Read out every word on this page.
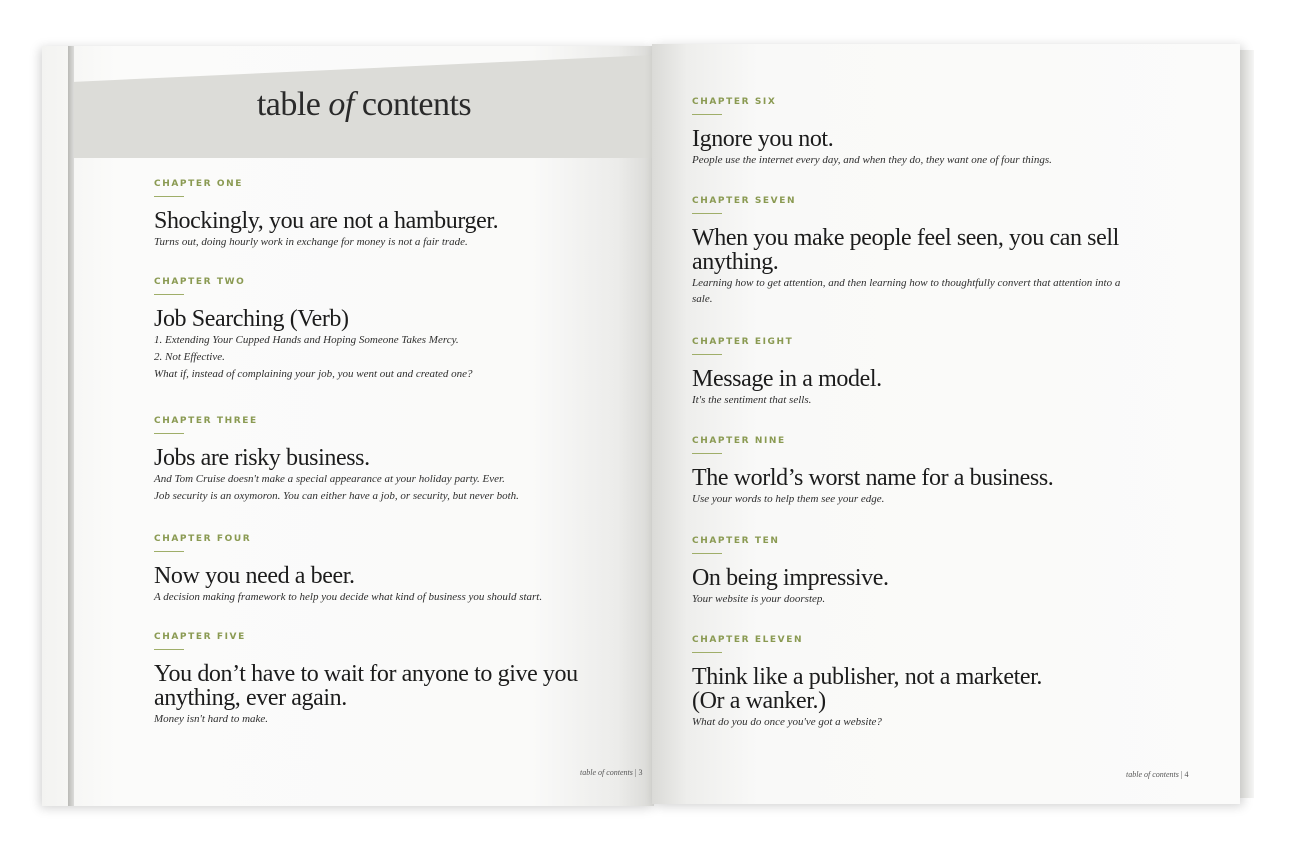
table of contents
CHAPTER ONE
Shockingly, you are not a hamburger.
Turns out, doing hourly work in exchange for money is not a fair trade.
CHAPTER TWO
Job Searching (Verb)
1. Extending Your Cupped Hands and Hoping Someone Takes Mercy.
2. Not Effective.
What if, instead of complaining your job, you went out and created one?
CHAPTER THREE
Jobs are risky business.
And Tom Cruise doesn't make a special appearance at your holiday party. Ever.
Job security is an oxymoron. You can either have a job, or security, but never both.
CHAPTER FOUR
Now you need a beer.
A decision making framework to help you decide what kind of business you should start.
CHAPTER FIVE
You don’t have to wait for anyone to give you anything, ever again.
Money isn't hard to make.
table of contents | 3
CHAPTER SIX
Ignore you not.
People use the internet every day, and when they do, they want one of four things.
CHAPTER SEVEN
When you make people feel seen, you can sell anything.
Learning how to get attention, and then learning how to thoughtfully convert that attention into a sale.
CHAPTER EIGHT
Message in a model.
It's the sentiment that sells.
CHAPTER NINE
The world’s worst name for a business.
Use your words to help them see your edge.
CHAPTER TEN
On being impressive.
Your website is your doorstep.
CHAPTER ELEVEN
Think like a publisher, not a marketer. (Or a wanker.)
What do you do once you've got a website?
table of contents | 4
